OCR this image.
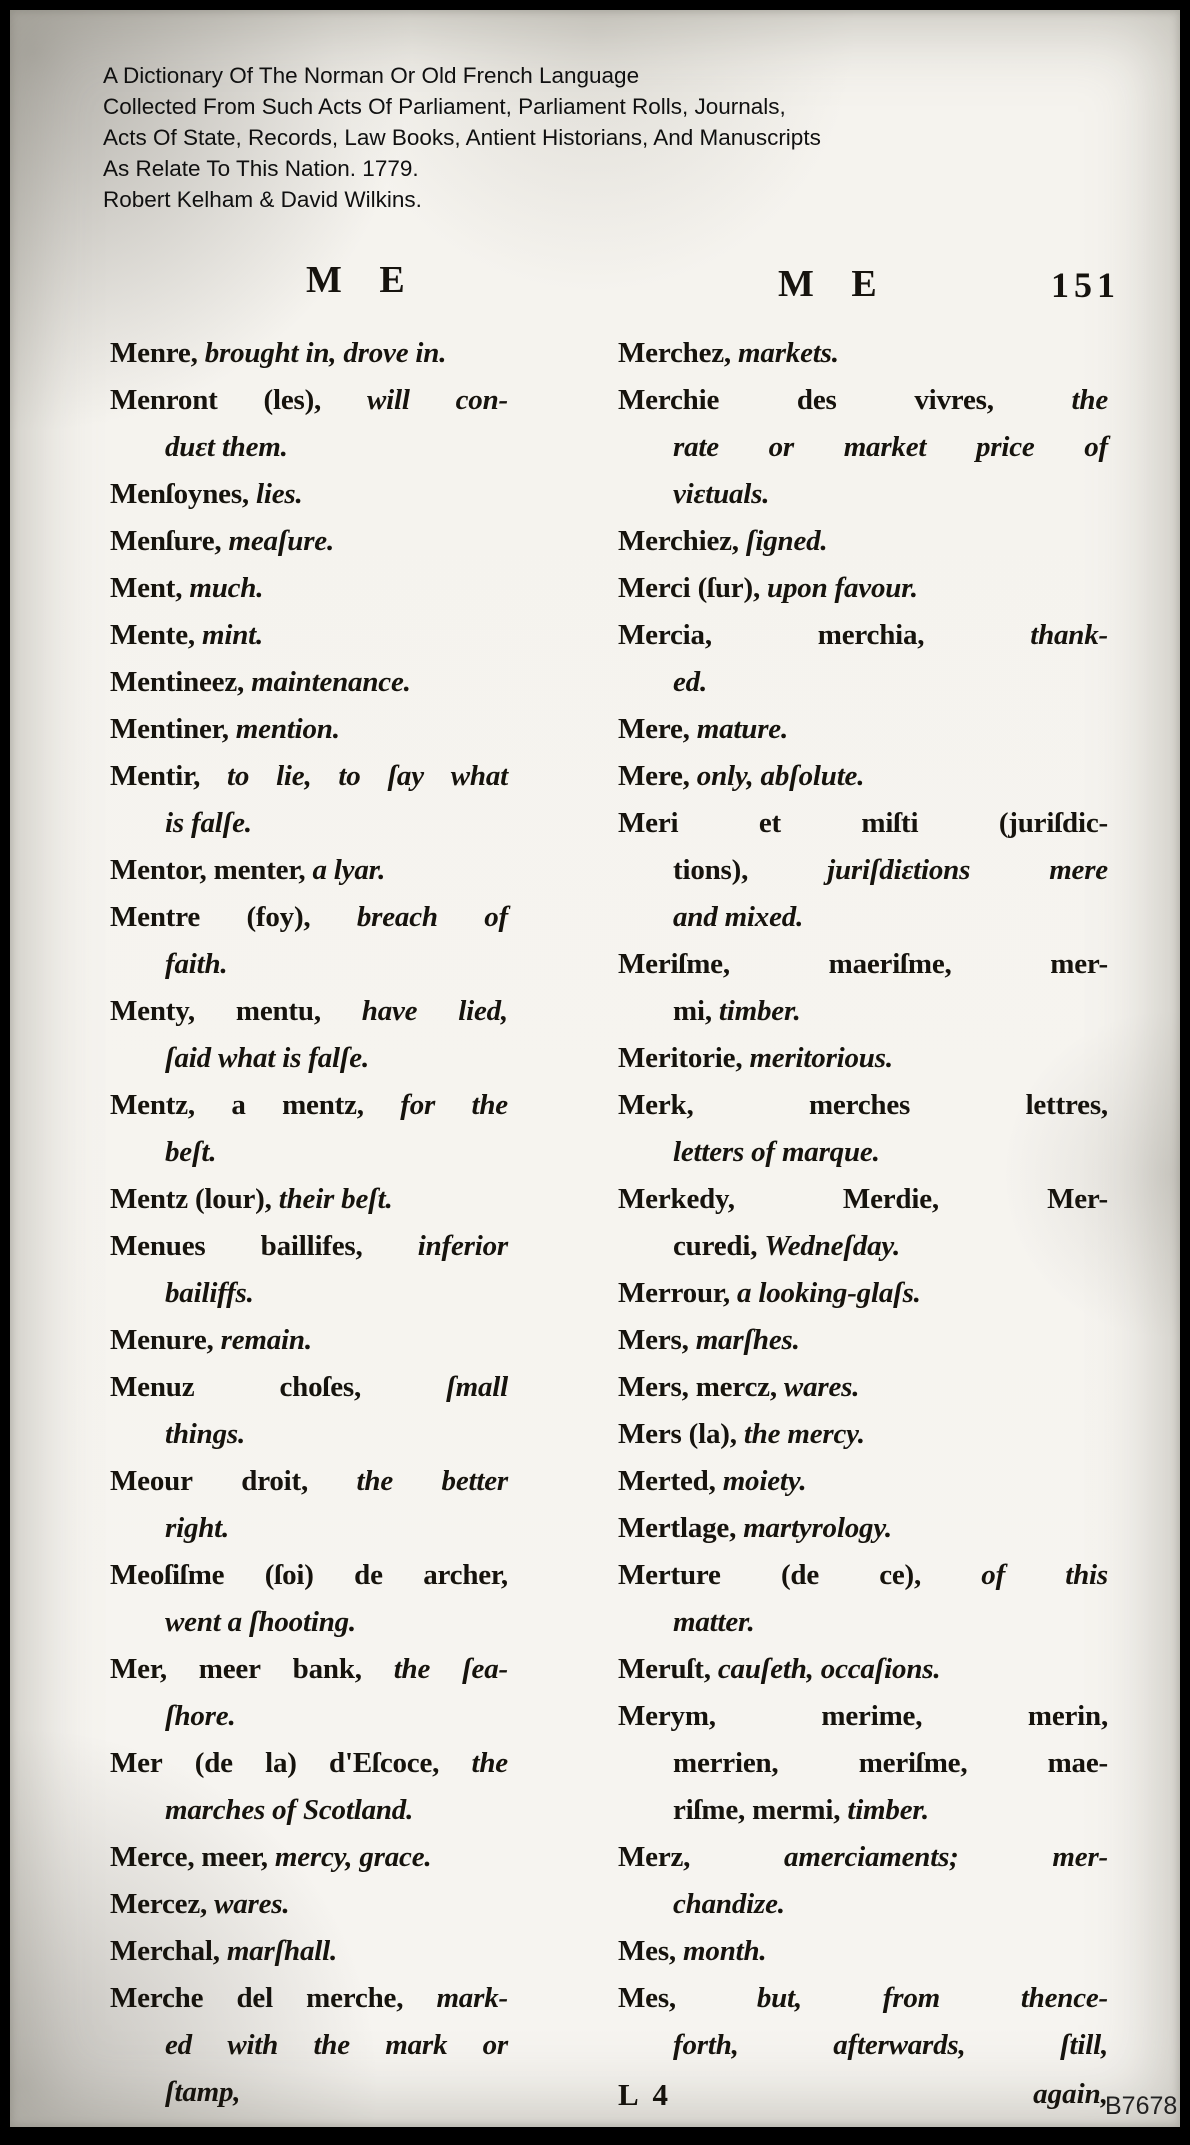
A Dictionary Of The Norman Or Old French Language
Collected From Such Acts Of Parliament, Parliament Rolls, Journals,
Acts Of State, Records, Law Books, Antient Historians, And Manuscripts
As Relate To This Nation. 1779.
Robert Kelham & David Wilkins.
M E	M E	151
Menre, brought in, drove in.
Menront (les), will con-
duɛt them.
Menſoynes, lies.
Menſure, meaſure.
Ment, much.
Mente, mint.
Mentineez, maintenance.
Mentiner, mention.
Mentir, to lie, to ſay what
is falſe.
Mentor, menter, a lyar.
Mentre (foy), breach of
faith.
Menty, mentu, have lied,
ſaid what is falſe.
Mentz, a mentz, for the
beſt.
Mentz (lour), their beſt.
Menues baillifes, inferior
bailiffs.
Menure, remain.
Menuz	choſes,	ſmall
things.
Meour droit, the better
right.
Meoſiſme (ſoi) de archer,
went a ſhooting.
Mer, meer bank, the ſea-
ſhore.
Mer (de la) d'Eſcoce, the
marches of Scotland.
Merce, meer, mercy, grace.
Mercez, wares.
Merchal, marſhall.
Merche del merche, mark-
ed with the mark or
ſtamp,
Merchez, markets.
Merchie	des	vivres,	the
rate or market price of
viɛtuals.
Merchiez, ſigned.
Merci (ſur), upon favour.
Mercia,	merchia,	thank-
ed.
Mere, mature.
Mere, only, abſolute.
Meri	et	miſti	(juriſdic-
tions),	juriſdiɛtions	mere
and mixed.
Meriſme,	maeriſme,	mer-
mi, timber.
Meritorie, meritorious.
Merk,	merches	lettres,
letters of marque.
Merkedy,	Merdie,	Mer-
curedi, Wedneſday.
Merrour, a looking-glaſs.
Mers, marſhes.
Mers, mercz, wares.
Mers (la), the mercy.
Merted, moiety.
Mertlage, martyrology.
Merture (de ce), of this
matter.
Meruſt, cauſeth, occaſions.
Merym,	merime,	merin,
merrien,	meriſme,	mae-
riſme, mermi, timber.
Merz,	amerciaments;	mer-
chandize.
Mes, month.
Mes,	but,	from	thence-
forth,	afterwards,	ſtill,
L  4	again,
B7678
